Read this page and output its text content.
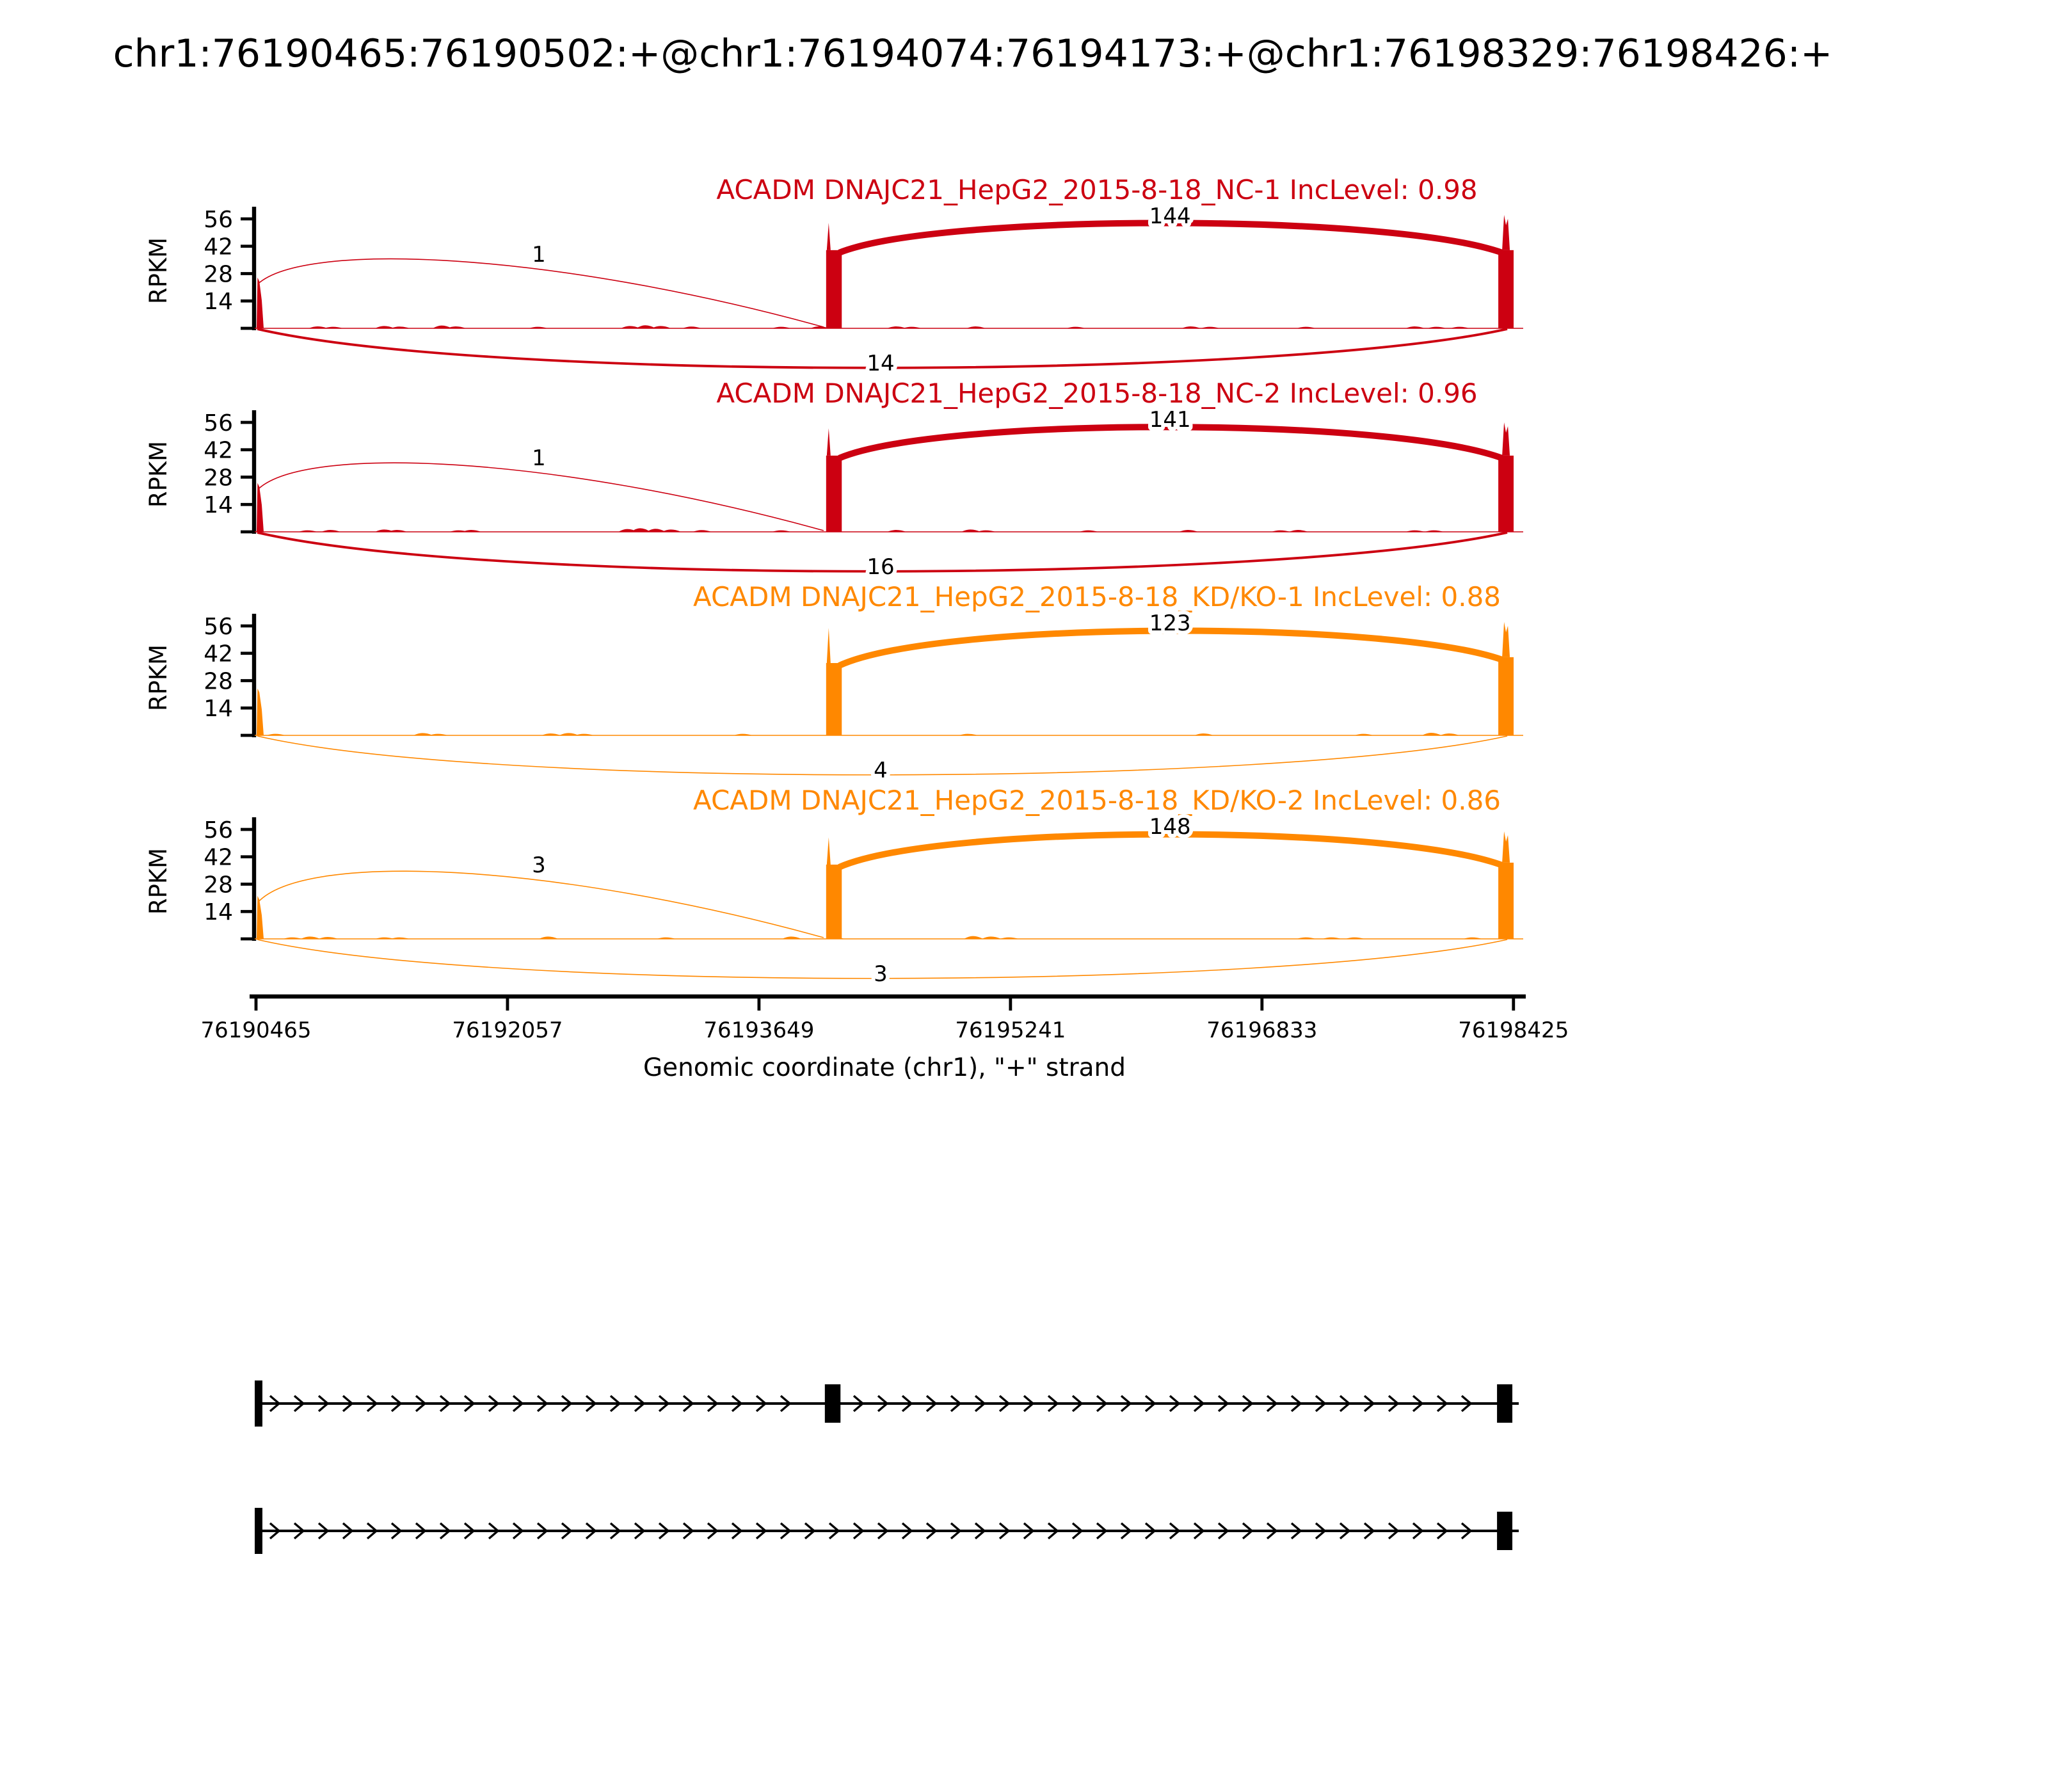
chr1:76190465:76190502:+@chr1:76194074:76194173:+@chr1:76198329:76198426:+
ACADM DNAJC21_HepG2_2015-8-18_NC-1 IncLevel: 0.98
14
28
42
56
RPKM
144
1
14
ACADM DNAJC21_HepG2_2015-8-18_NC-2 IncLevel: 0.96
14
28
42
56
RPKM
141
1
16
ACADM DNAJC21_HepG2_2015-8-18_KD/KO-1 IncLevel: 0.88
14
28
42
56
RPKM
123
4
ACADM DNAJC21_HepG2_2015-8-18_KD/KO-2 IncLevel: 0.86
14
28
42
56
RPKM
148
3
3
76190465	76192057	76193649	76195241	76196833	76198425
Genomic coordinate (chr1), "+" strand
